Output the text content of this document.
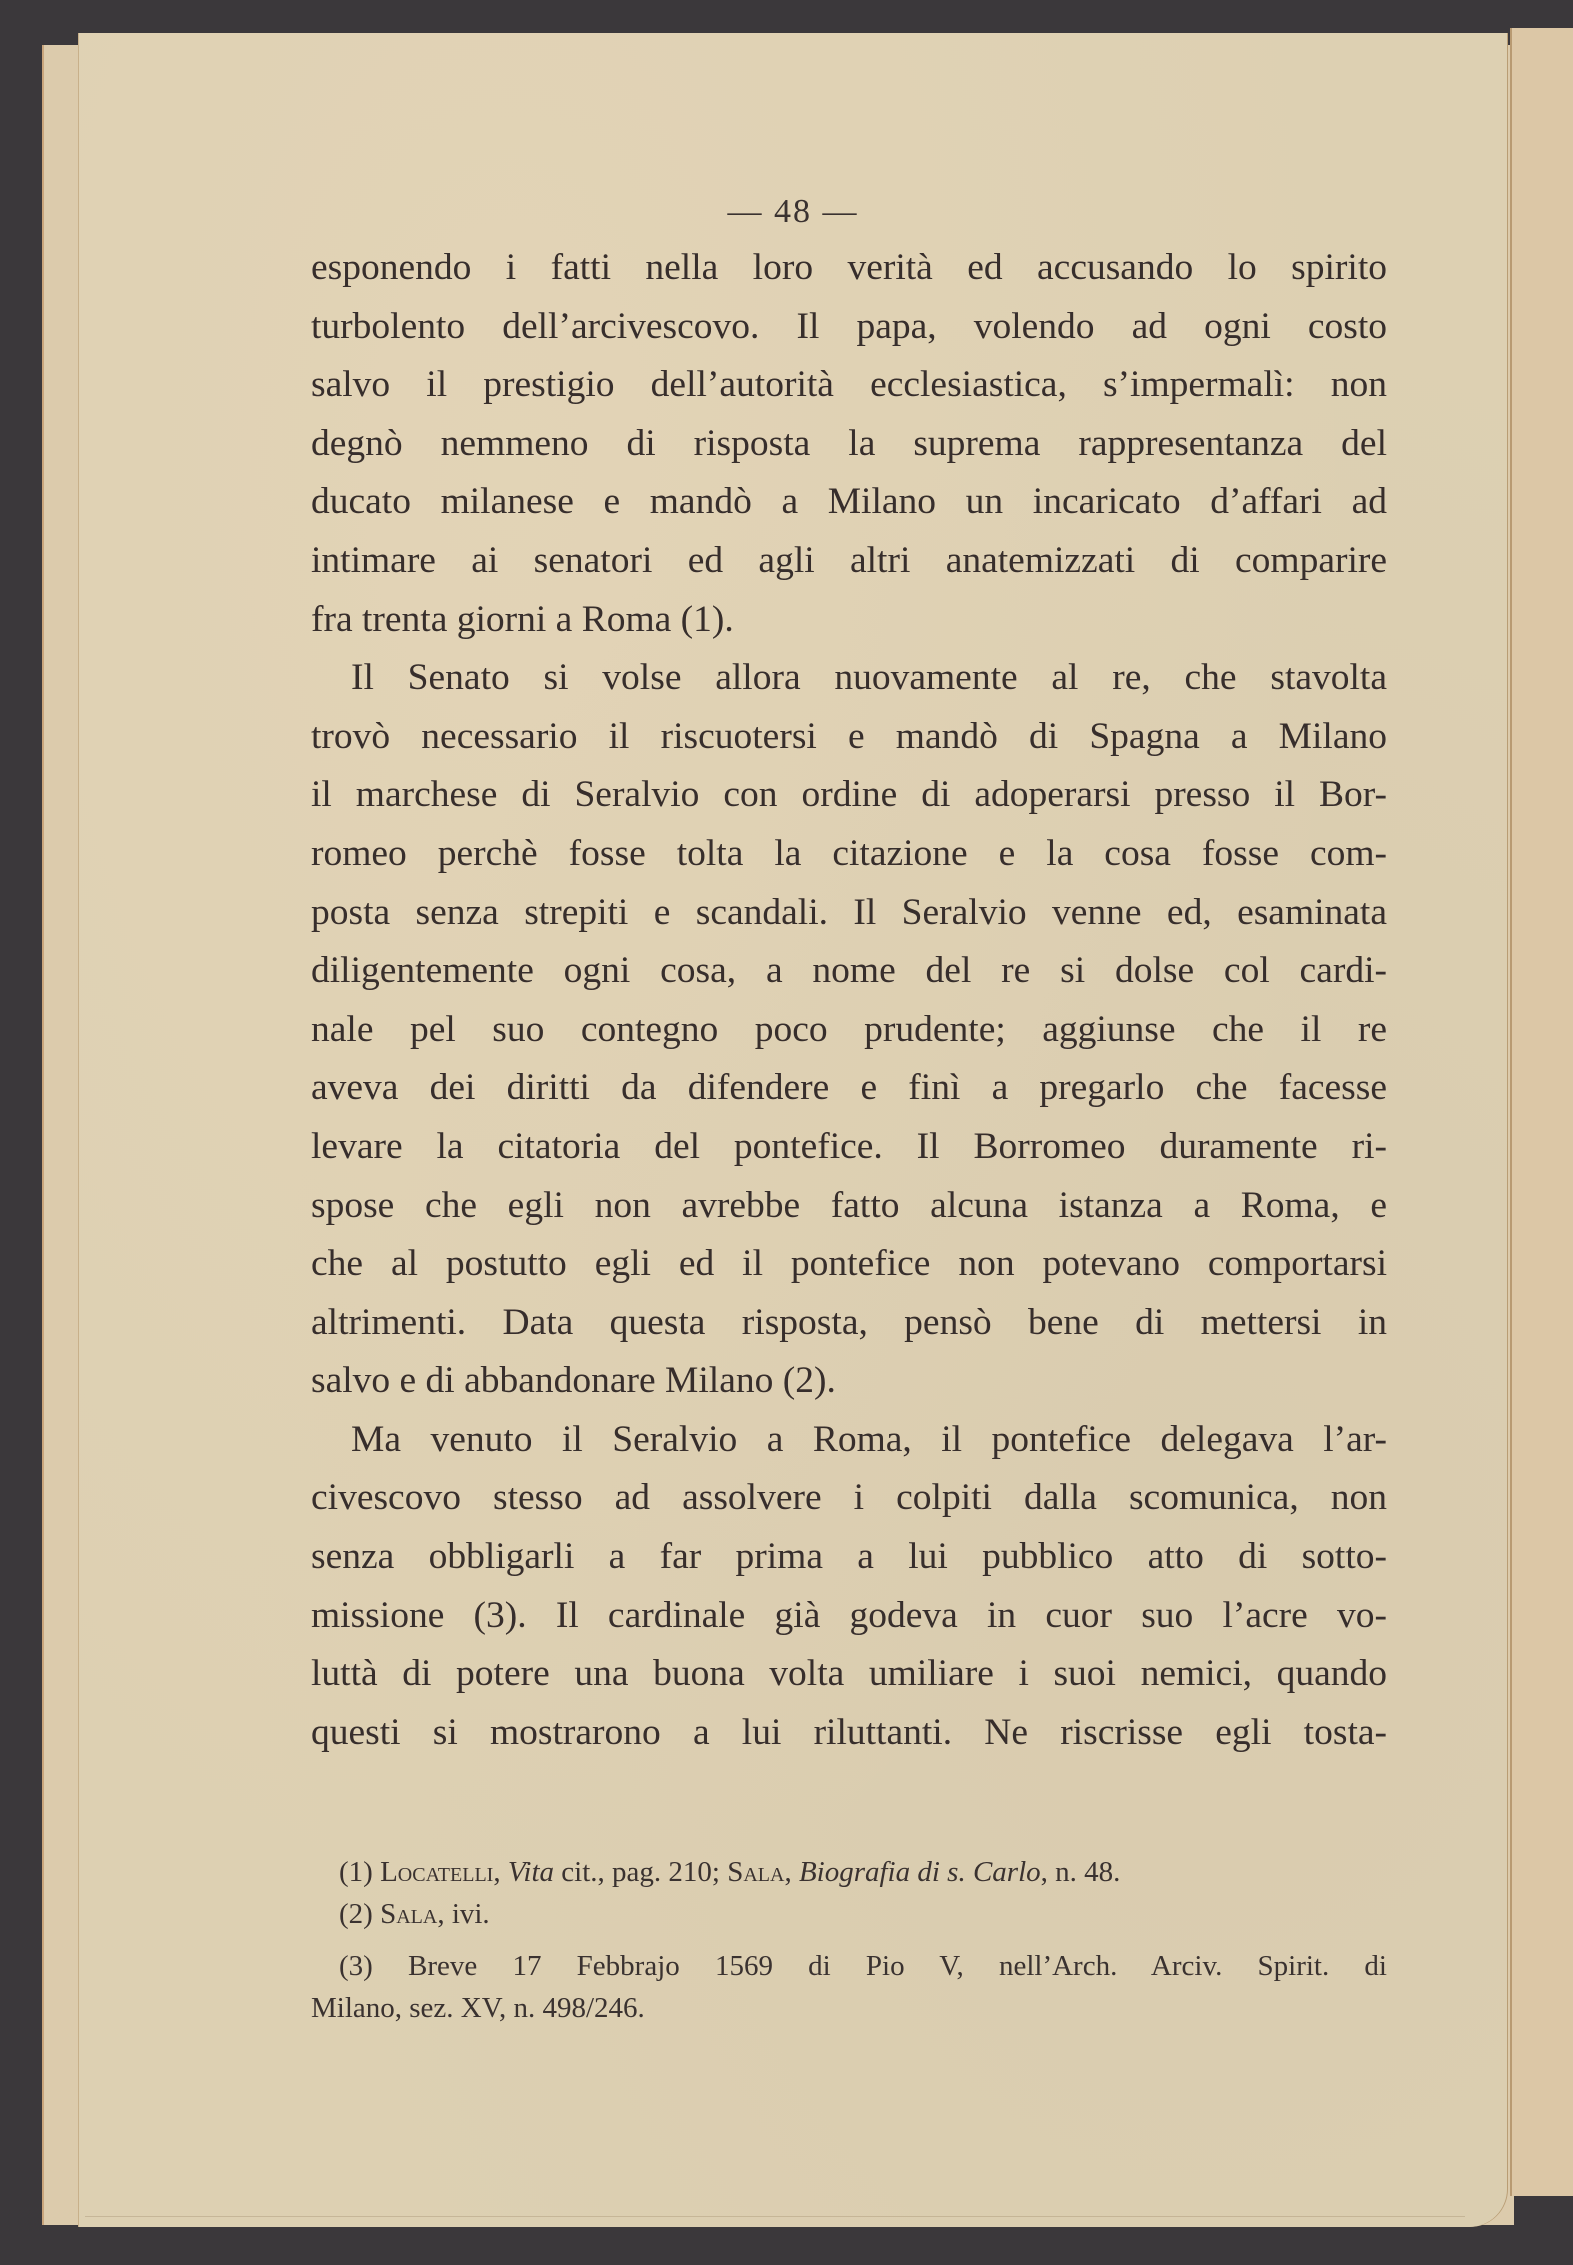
— 48 —

esponendo i fatti nella loro verità ed accusando lo spirito
turbolento dell’arcivescovo. Il papa, volendo ad ogni costo
salvo il prestigio dell’autorità ecclesiastica, s’impermalì: non
degnò nemmeno di risposta la suprema rappresentanza del
ducato milanese e mandò a Milano un incaricato d’affari ad
intimare ai senatori ed agli altri anatemizzati di comparire
fra trenta giorni a Roma (1).

Il Senato si volse allora nuovamente al re, che stavolta
trovò necessario il riscuotersi e mandò di Spagna a Milano
il marchese di Seralvio con ordine di adoperarsi presso il Bor-
romeo perchè fosse tolta la citazione e la cosa fosse com-
posta senza strepiti e scandali. Il Seralvio venne ed, esaminata
diligentemente ogni cosa, a nome del re si dolse col cardi-
nale pel suo contegno poco prudente; aggiunse che il re
aveva dei diritti da difendere e finì a pregarlo che facesse
levare la citatoria del pontefice. Il Borromeo duramente ri-
spose che egli non avrebbe fatto alcuna istanza a Roma, e
che al postutto egli ed il pontefice non potevano comportarsi
altrimenti. Data questa risposta, pensò bene di mettersi in
salvo e di abbandonare Milano (2).

Ma venuto il Seralvio a Roma, il pontefice delegava l’ar-
civescovo stesso ad assolvere i colpiti dalla scomunica, non
senza obbligarli a far prima a lui pubblico atto di sotto-
missione (3). Il cardinale già godeva in cuor suo l’acre vo-
luttà di potere una buona volta umiliare i suoi nemici, quando
questi si mostrarono a lui riluttanti. Ne riscrisse egli tosta-

(1) Locatelli, Vita cit., pag. 210; Sala, Biografia di s. Carlo, n. 48.
(2) Sala, ivi.
(3) Breve 17 Febbrajo 1569 di Pio V, nell’Arch. Arciv. Spirit. di
Milano, sez. XV, n. 498/246.
